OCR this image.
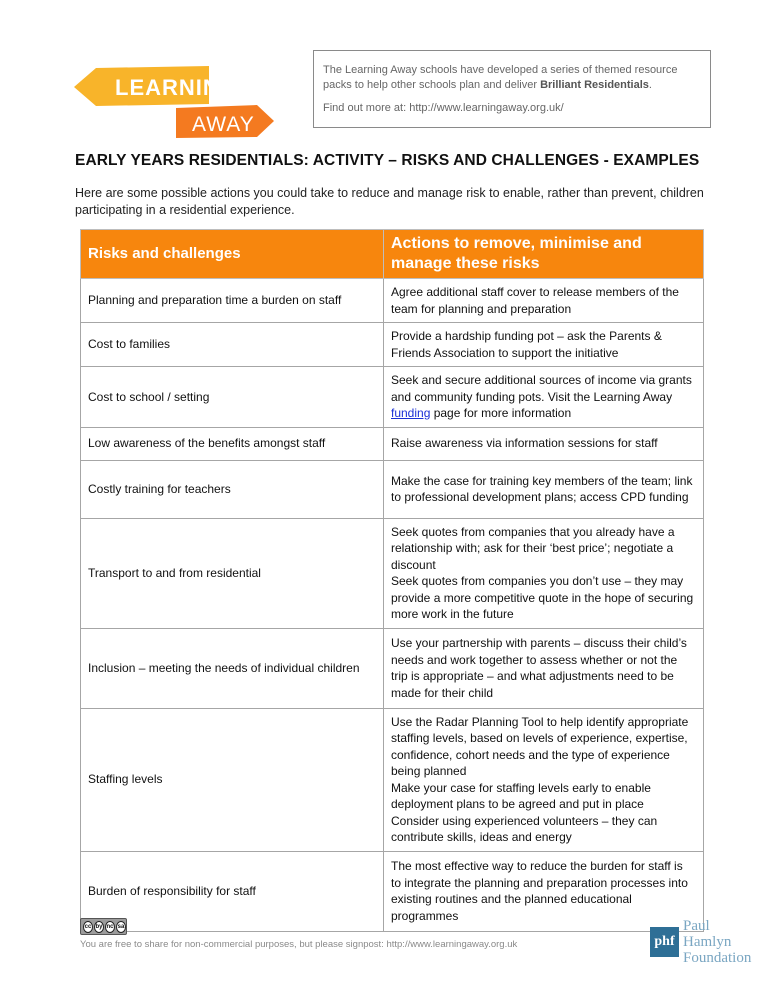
LEARNING
AWAY

The Learning Away schools have developed a series of themed resource packs to help other schools plan and deliver Brilliant Residentials.

Find out more at: http://www.learningaway.org.uk/

EARLY YEARS RESIDENTIALS: ACTIVITY – RISKS AND CHALLENGES - EXAMPLES
Here are some possible actions you could take to reduce and manage risk to enable, rather than prevent, children participating in a residential experience.
Risks and challenges	Actions to remove, minimise and manage these risks
Planning and preparation time a burden on staff	Agree additional staff cover to release members of the team for planning and preparation

Cost to families	Provide a hardship funding pot – ask the Parents & Friends Association to support the initiative

Cost to school / setting	Seek and secure additional sources of income via grants and community funding pots. Visit the Learning Away funding page for more information
Low awareness of the benefits amongst staff	Raise awareness via information sessions for staff

Costly training for teachers	Make the case for training key members of the team; link to professional development plans; access CPD funding

Transport to and from residential	Seek quotes from companies that you already have a relationship with; ask for their ‘best price’; negotiate a discount
Seek quotes from companies you don’t use – they may provide a more competitive quote in the hope of securing more work in the future

Inclusion – meeting the needs of individual children	Use your partnership with parents – discuss their child’s needs and work together to assess whether or not the trip is appropriate – and what adjustments need to be made for their child

Staffing levels	Use the Radar Planning Tool to help identify appropriate staffing levels, based on levels of experience, expertise, confidence, cohort needs and the type of experience being planned
Make your case for staffing levels early to enable deployment plans to be agreed and put in place
Consider using experienced volunteers – they can contribute skills, ideas and energy

Burden of responsibility for staff	The most effective way to reduce the burden for staff is to integrate the planning and preparation processes into existing routines and the planned educational programmes
cc by nc sa
You are free to share for non-commercial purposes, but please signpost: http://www.learningaway.org.uk	phf
Paul Hamlyn
Foundation
